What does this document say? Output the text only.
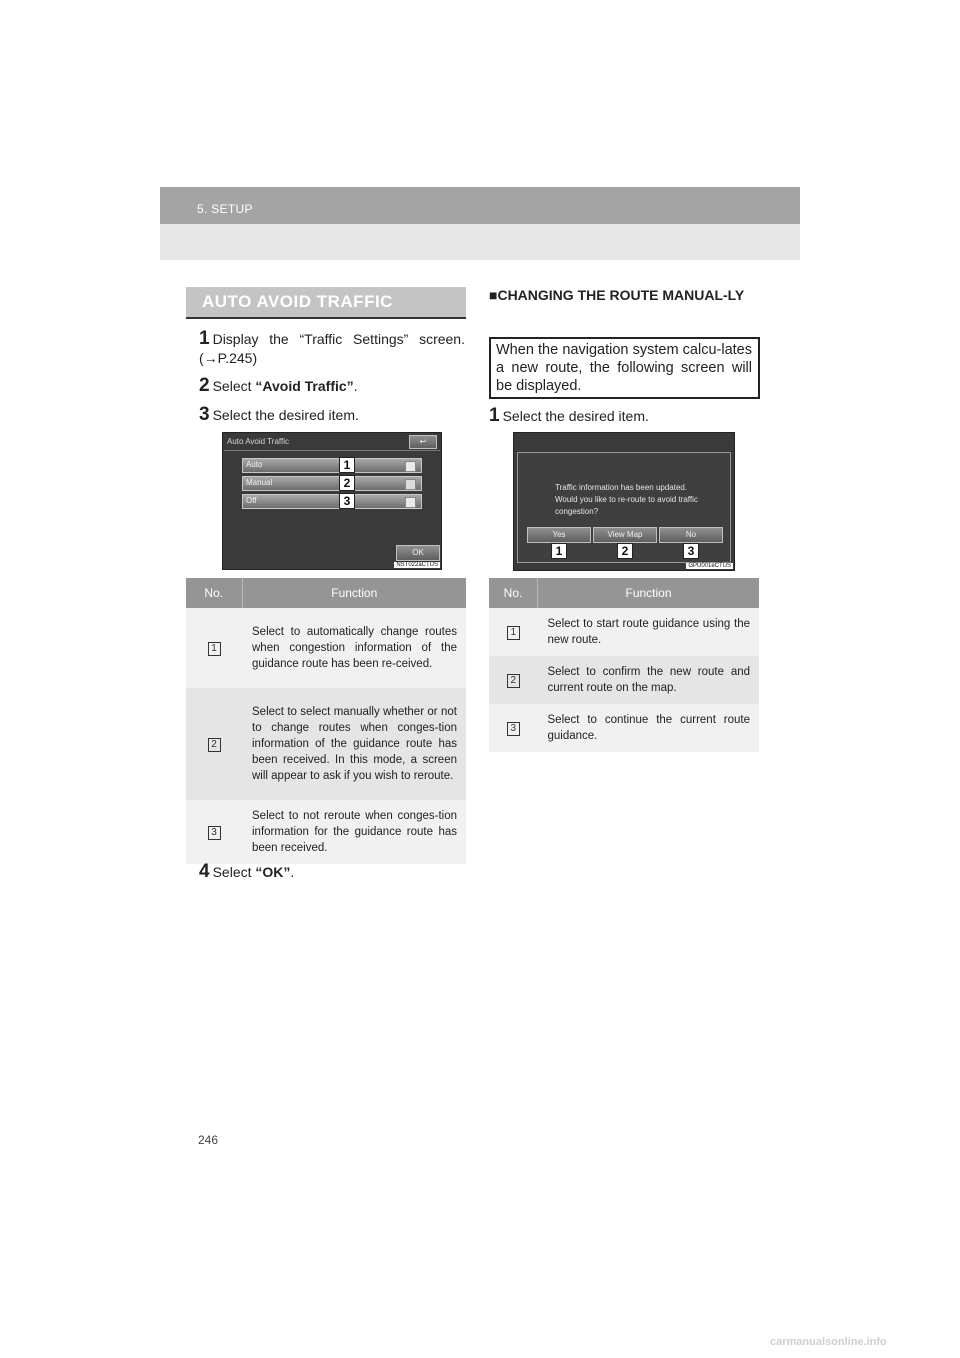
5. SETUP
AUTO AVOID TRAFFIC
1 Display the “Traffic Settings” screen. (→P.245)
2 Select “Avoid Traffic”.
3 Select the desired item.
Auto Avoid Traffic	↩
Auto
Manual
Off
1
2
3
OK
NST022aCTUS
No.	Function
1	Select to automatically change routes when congestion information of the guidance route has been re-ceived.
2	Select to select manually whether or not to change routes when conges-tion information of the guidance route has been received. In this mode, a screen will appear to ask if you wish to reroute.
3	Select to not reroute when conges-tion information for the guidance route has been received.
4 Select “OK”.
■CHANGING THE ROUTE MANUAL-LY
When the navigation system calcu-lates a new route, the following screen will be displayed.
1 Select the desired item.
Traffic information has been updated. Would you like to re-route to avoid traffic congestion?
Yes	View Map	No
1	2	3
GPU001eCTUS
No.	Function
1	Select to start route guidance using the new route.
2	Select to confirm the new route and current route on the map.
3	Select to continue the current route guidance.
246
carmanualsonline.info
